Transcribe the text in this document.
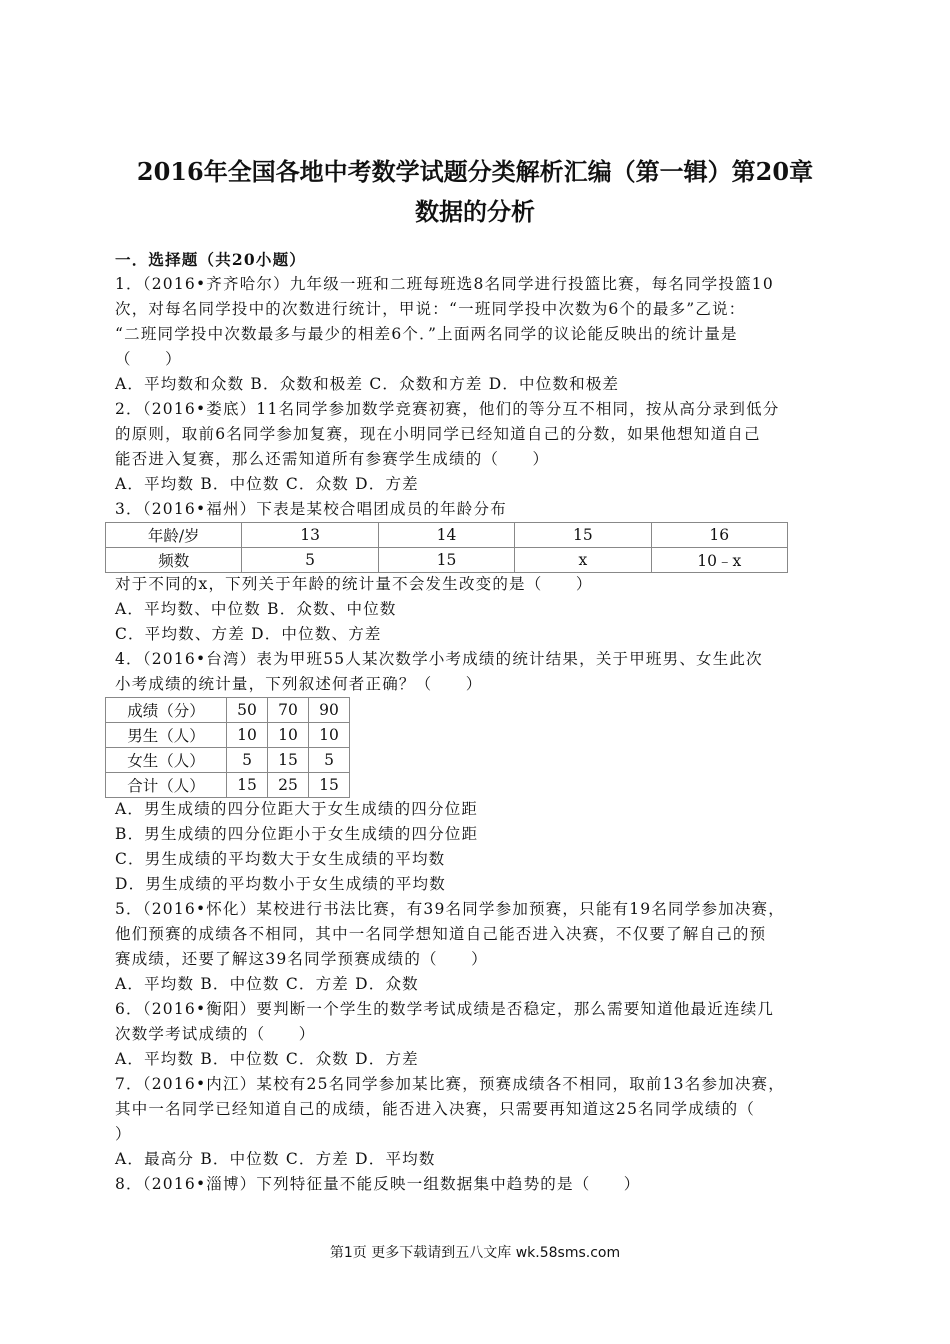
2016年全国各地中考数学试题分类解析汇编（第一辑）第20章
数据的分析
一．选择题（共20小题）
1．（2016•齐齐哈尔）九年级一班和二班每班选8名同学进行投篮比赛，每名同学投篮10
次，对每名同学投中的次数进行统计，甲说：“一班同学投中次数为6个的最多”乙说：
“二班同学投中次数最多与最少的相差6个．”上面两名同学的议论能反映出的统计量是
（　　）
A．平均数和众数 B．众数和极差 C．众数和方差 D．中位数和极差
2．（2016•娄底）11名同学参加数学竞赛初赛，他们的等分互不相同，按从高分录到低分
的原则，取前6名同学参加复赛，现在小明同学已经知道自己的分数，如果他想知道自己
能否进入复赛，那么还需知道所有参赛学生成绩的（　　）
A．平均数 B．中位数 C．众数 D．方差
3．（2016•福州）下表是某校合唱团成员的年龄分布
年龄/岁	13	14	15	16
频数	5	15	x	10﹣x
对于不同的x，下列关于年龄的统计量不会发生改变的是（　　）
A．平均数、中位数 B．众数、中位数
C．平均数、方差 D．中位数、方差
4．（2016•台湾）表为甲班55人某次数学小考成绩的统计结果，关于甲班男、女生此次
小考成绩的统计量，下列叙述何者正确？（　　）
成绩（分）	50	70	90
男生（人）	10	10	10
女生（人）	5	15	5
合计（人）	15	25	15
A．男生成绩的四分位距大于女生成绩的四分位距
B．男生成绩的四分位距小于女生成绩的四分位距
C．男生成绩的平均数大于女生成绩的平均数
D．男生成绩的平均数小于女生成绩的平均数
5．（2016•怀化）某校进行书法比赛，有39名同学参加预赛，只能有19名同学参加决赛，
他们预赛的成绩各不相同，其中一名同学想知道自己能否进入决赛，不仅要了解自己的预
赛成绩，还要了解这39名同学预赛成绩的（　　）
A．平均数 B．中位数 C．方差 D．众数
6．（2016•衡阳）要判断一个学生的数学考试成绩是否稳定，那么需要知道他最近连续几
次数学考试成绩的（　　）
A．平均数 B．中位数 C．众数 D．方差
7．（2016•内江）某校有25名同学参加某比赛，预赛成绩各不相同，取前13名参加决赛，
其中一名同学已经知道自己的成绩，能否进入决赛，只需要再知道这25名同学成绩的（
）
A．最高分 B．中位数 C．方差 D．平均数
8．（2016•淄博）下列特征量不能反映一组数据集中趋势的是（　　）
第1页 更多下载请到五八文库 wk.58sms.com
